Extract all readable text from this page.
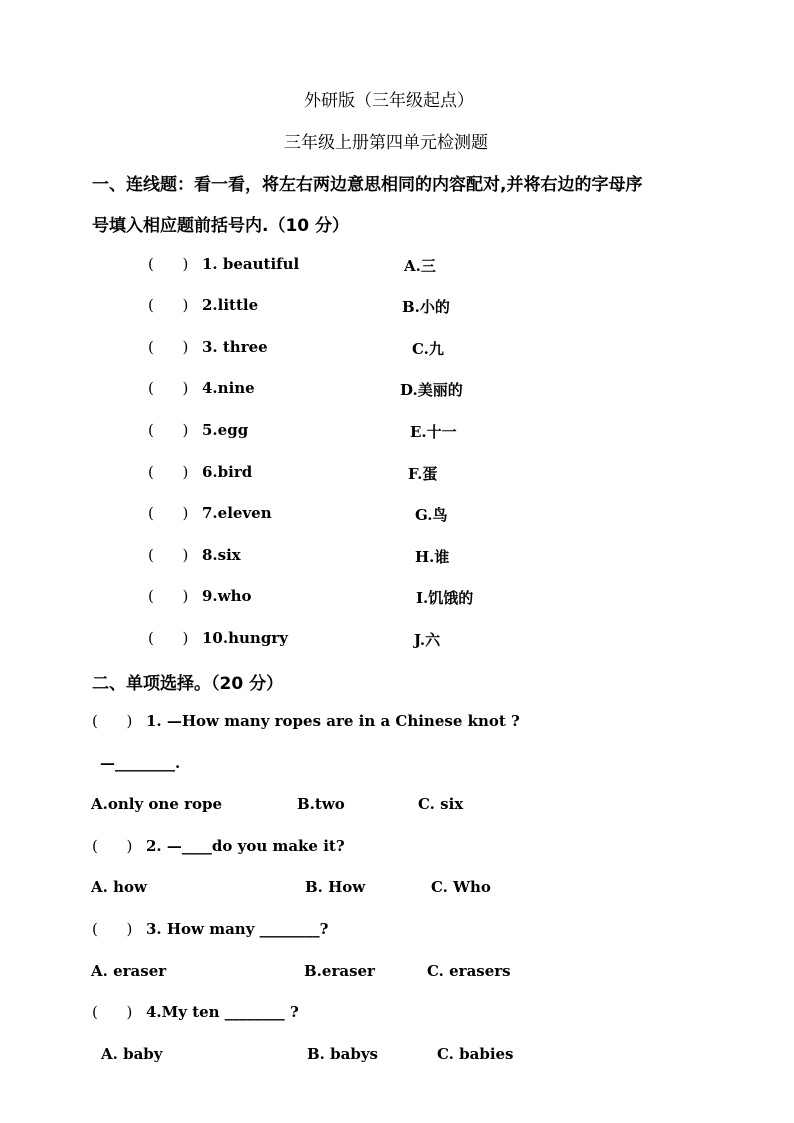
外研版（三年级起点）
三年级上册第四单元检测题
一、连线题：看一看，将左右两边意思相同的内容配对,并将右边的字母序
号填入相应题前括号内.（10 分）
(      ) 1. beautiful	A.三
(      ) 2.little	B.小的
(      ) 3. three	C.九
(      ) 4.nine	D.美丽的
(      ) 5.egg	E.十一
(      ) 6.bird	F.蛋
(      ) 7.eleven	G.鸟
(      ) 8.six	H.谁
(      ) 9.who	I.饥饿的
(      ) 10.hungry	J.六
二、单项选择。（20 分）
(      ) 1. —How many ropes are in a Chinese knot ?
—________.
A.only one rope	B.two	C. six
(      ) 2. —____do you make it?
A. how	B. How	C. Who
(      ) 3. How many ________?
A. eraser	B.eraser	C. erasers
(      ) 4.My ten ________ ?
A. baby	B. babys	C. babies
